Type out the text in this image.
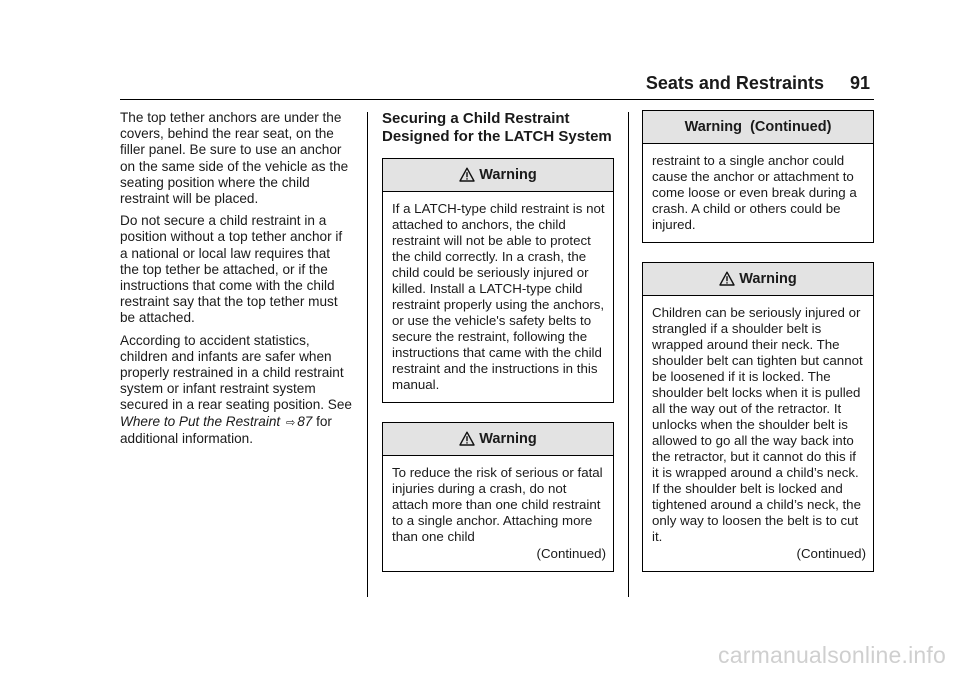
Seats and Restraints 91

The top tether anchors are under the covers, behind the rear seat, on the filler panel. Be sure to use an anchor on the same side of the vehicle as the seating position where the child restraint will be placed.

Do not secure a child restraint in a position without a top tether anchor if a national or local law requires that the top tether be attached, or if the instructions that come with the child restraint say that the top tether must be attached.

According to accident statistics, children and infants are safer when properly restrained in a child restraint system or infant restraint system secured in a rear seating position. See Where to Put the Restraint ⇨ 87 for additional information.

Securing a Child Restraint Designed for the LATCH System
Warning
If a LATCH-type child restraint is not attached to anchors, the child restraint will not be able to protect the child correctly. In a crash, the child could be seriously injured or killed. Install a LATCH-type child restraint properly using the anchors, or use the vehicle's safety belts to secure the restraint, following the instructions that came with the child restraint and the instructions in this manual.
Warning
To reduce the risk of serious or fatal injuries during a crash, do not attach more than one child restraint to a single anchor. Attaching more than one child
(Continued)
Warning  (Continued)
restraint to a single anchor could cause the anchor or attachment to come loose or even break during a crash. A child or others could be injured.
Warning
Children can be seriously injured or strangled if a shoulder belt is wrapped around their neck. The shoulder belt can tighten but cannot be loosened if it is locked. The shoulder belt locks when it is pulled all the way out of the retractor. It unlocks when the shoulder belt is allowed to go all the way back into the retractor, but it cannot do this if it is wrapped around a child’s neck. If the shoulder belt is locked and tightened around a child’s neck, the only way to loosen the belt is to cut it.
(Continued)
carmanualsonline.info
